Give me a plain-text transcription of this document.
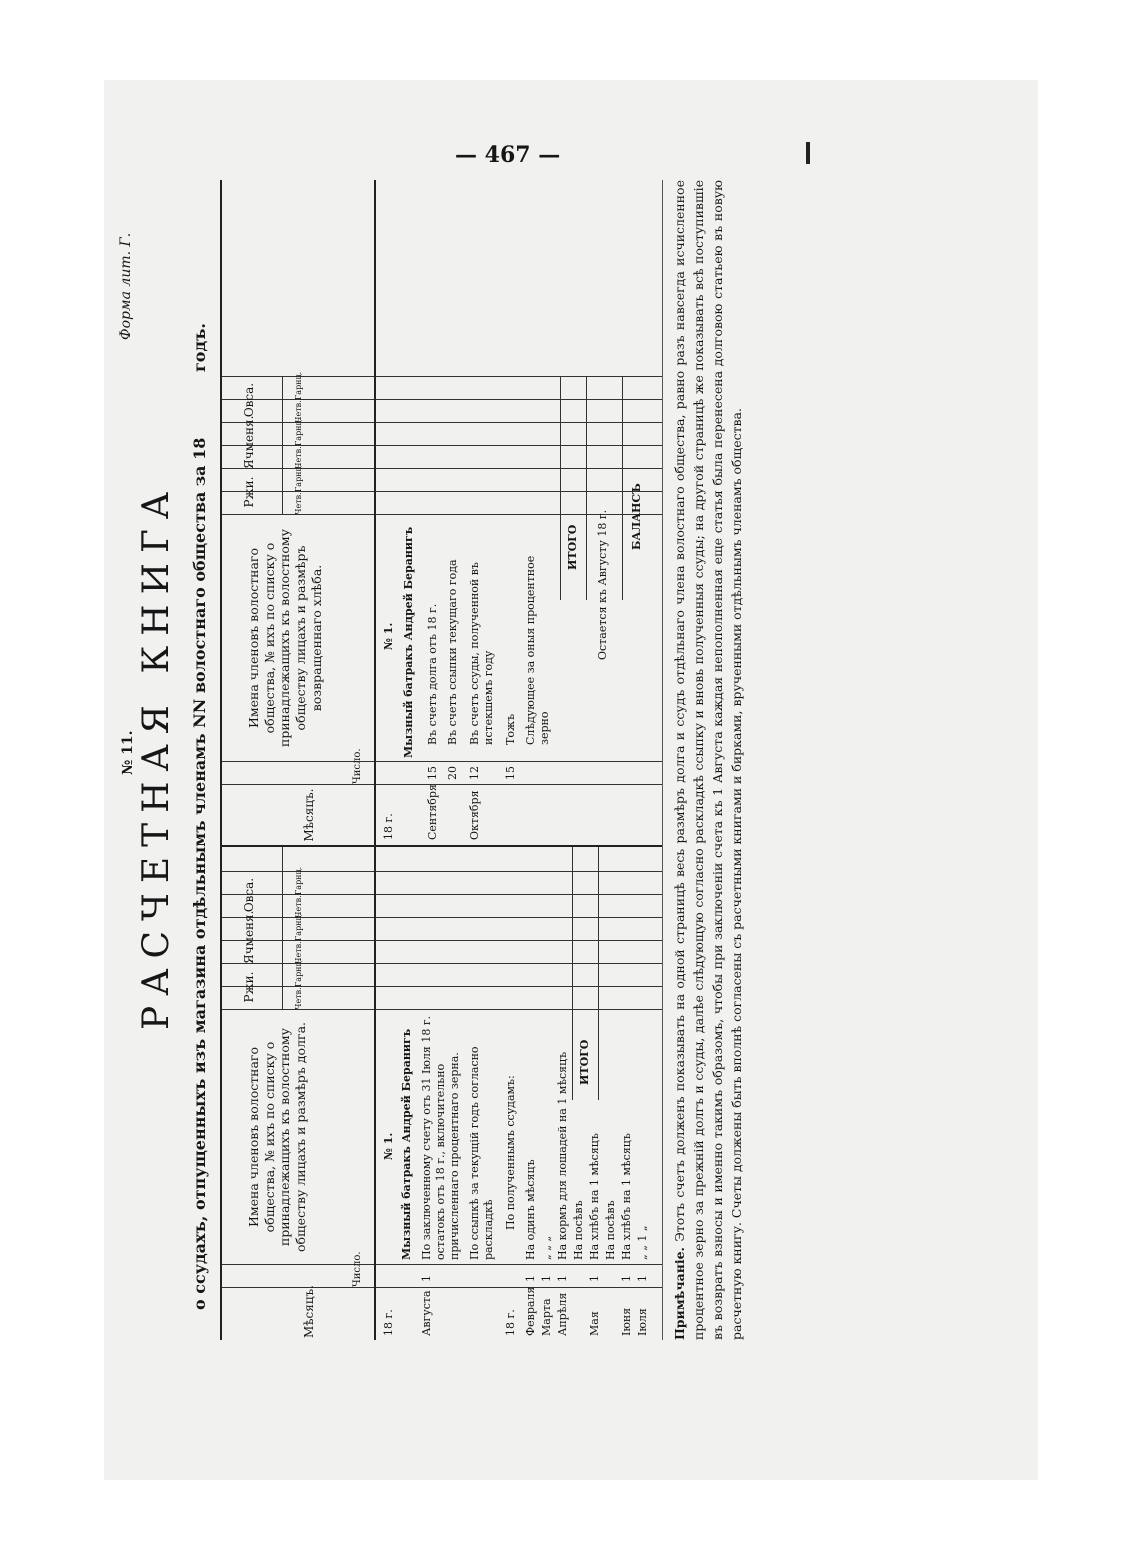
— 467 —
Форма лит. Г.
№ 11. РАСЧЕТНАЯ КНИГА о ссудахъ, отпущенныхъ изъ магазина отдѣльнымъ членамъ NN волостнаго общества за 18
годъ.
Мѣсяцъ.
Число.
Имена членовъ волостнаго общества, № ихъ по списку о принадлежащихъ къ волостному обществу лицахъ и размѣръ долга.
Ржи.
Ячменя.
Овса.
Четв.
Гарнц.
Четв.
Гарнц.
Четв.
Гарнц.
Мѣсяцъ.
Число.
Имена членовъ волостнаго общества, № ихъ по списку о принадлежащихъ къ волостному обществу лицахъ и размѣръ возвращеннаго хлѣба.
Ржи.
Ячменя.
Овса.
Четв.
Гарнц.
Четв.
Гарнц.
Четв.
Гарнц.
18 г.
№ 1. Мызный батракъ Андрей Беранигъ
Августа
1
По заключенному счету отъ 31 Іюля 18 г. остатокъ отъ 18 г., включительно причисленнаго процентнаго зерна. По ссыпкѣ за текущій годъ согласно раскладкѣ
18 г.
По полученнымъ ссудамъ:
Февраля
1
На одинъ мѣсяцъ
Марта
1
„ „ „
Апрѣля
1
На кормъ для лошадей на 1 мѣсяцъ На посѣвъ
Мая
1
На хлѣбъ на 1 мѣсяцъ На посѣвъ
Іюня
1
На хлѣбъ на 1 мѣсяцъ
Іюля
1
„ „ 1 „
ИТОГО
18 г.
№ 1. Мызный батракъ Андрей Беранигъ
Сентября
15
Въ счетъ долга отъ 18 г.
20
Въ счетъ ссыпки текущаго года
Октября
12
Въ счетъ ссуды, полученной въ истекшемъ году
15
Тожъ Слѣдующее за оныя процентное зерно
ИТОГО Остается къ Августу 18 г. БАЛАНСЪ
Примѣчаніе. Этотъ счетъ долженъ показывать на одной страницѣ весь размѣръ долга и ссудъ отдѣльнаго члена волостнаго общества, равно разъ навсегда исчисленное процентное зерно за прежній долгъ и ссуды, далѣе слѣдующую согласно раскладкѣ ссыпку и вновь полученныя ссуды; на другой страницѣ же показывать всѣ поступившіе въ возвратъ взносы и именно такимъ образомъ, чтобы при заключеніи счета къ 1 Августа каждая непополненная еще статья была перенесена долговою статьею въ новую расчетную книгу. Счеты должены быть вполнѣ согласены съ расчетными книгами и бирками, врученными отдѣльнымъ членамъ общества.
